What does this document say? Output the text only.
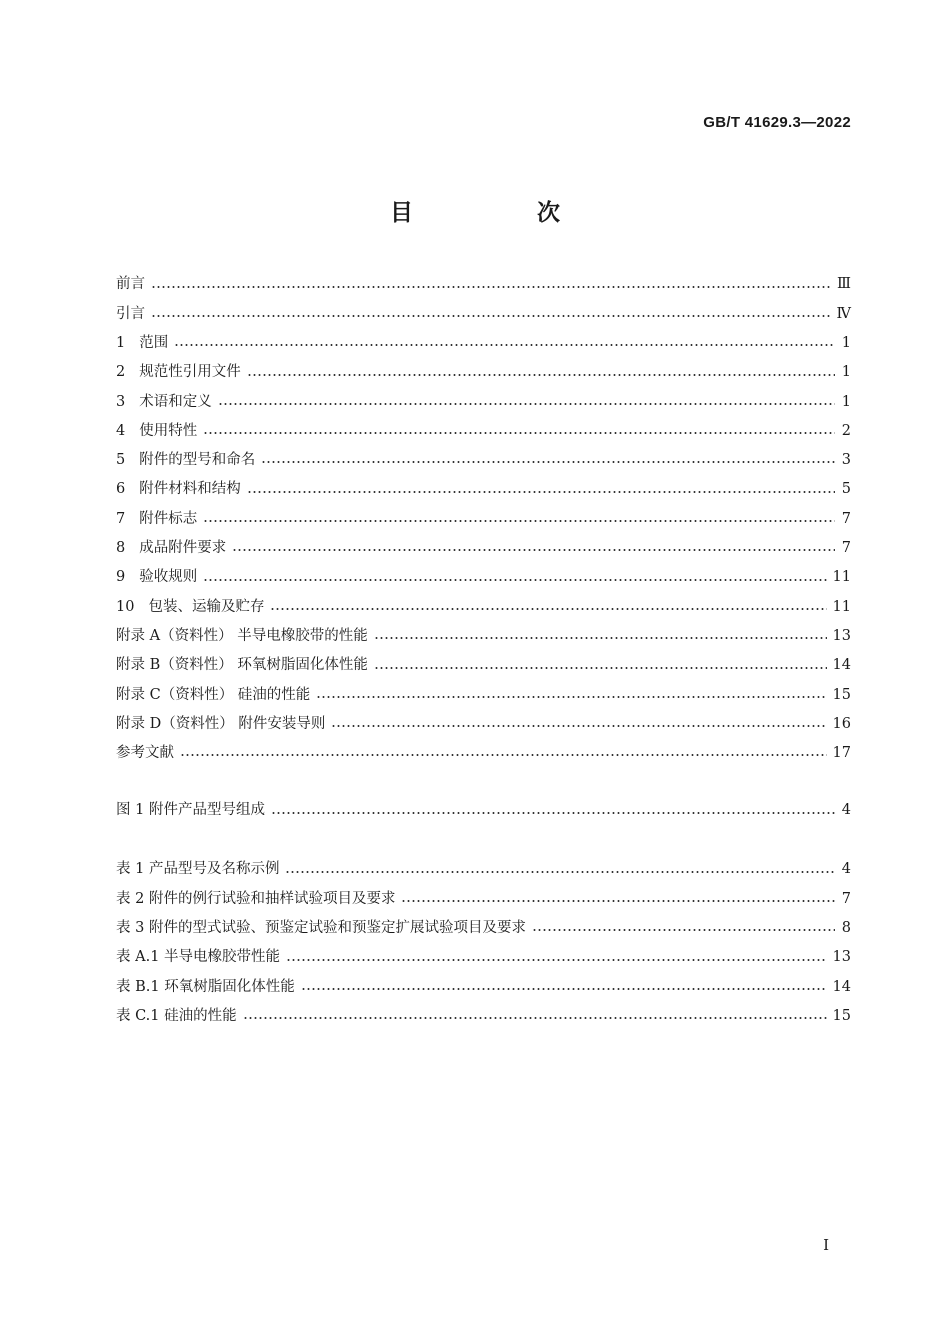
GB/T 41629.3—2022
目 次
前言	Ⅲ
引言	Ⅳ
1 范围	1
2 规范性引用文件	1
3 术语和定义	1
4 使用特性	2
5 附件的型号和命名	3
6 附件材料和结构	5
7 附件标志	7
8 成品附件要求	7
9 验收规则	11
10 包装、运输及贮存	11
附录 A（资料性） 半导电橡胶带的性能	13
附录 B（资料性） 环氧树脂固化体性能	14
附录 C（资料性） 硅油的性能	15
附录 D（资料性） 附件安装导则	16
参考文献	17
图 1 附件产品型号组成	4
表 1 产品型号及名称示例	4
表 2 附件的例行试验和抽样试验项目及要求	7
表 3 附件的型式试验、预鉴定试验和预鉴定扩展试验项目及要求	8
表 A.1 半导电橡胶带性能	13
表 B.1 环氧树脂固化体性能	14
表 C.1 硅油的性能	15
I
